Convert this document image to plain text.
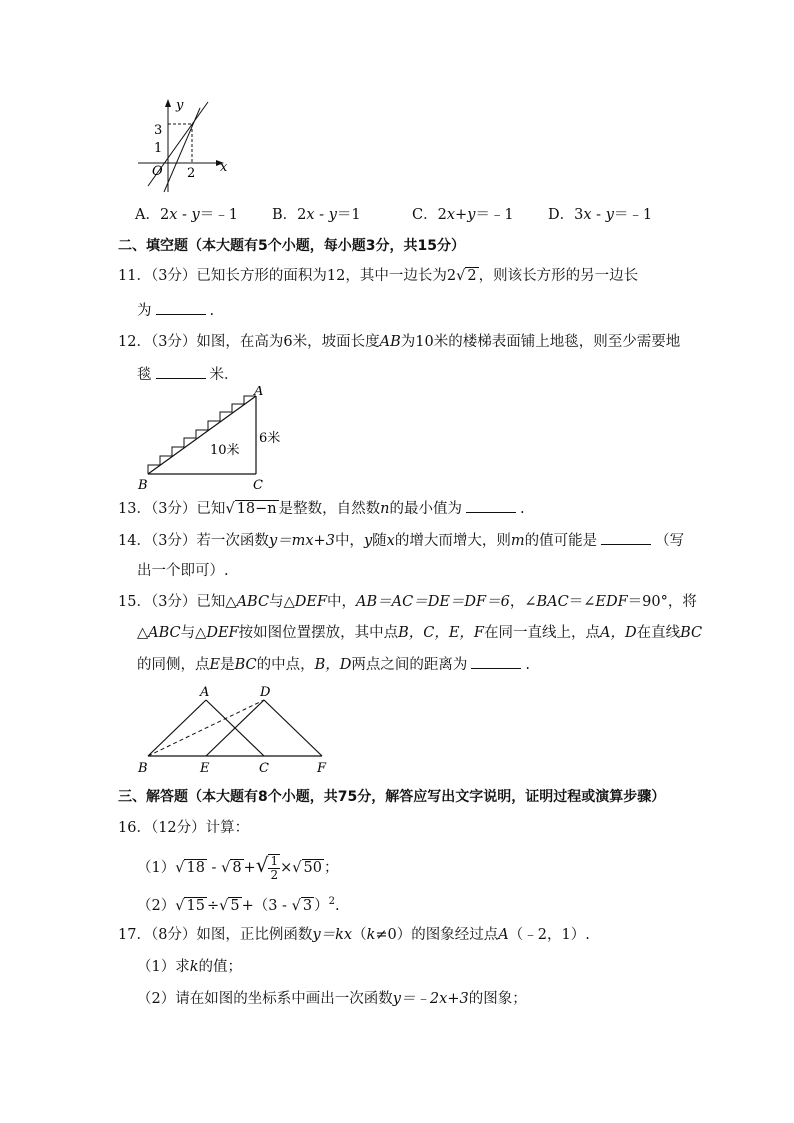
y
x
O
3
1
2
A．2x - y＝﹣1 B．2x - y＝1	C．2x+y＝﹣1 D．3x - y＝﹣1
二、填空题（本大题有5个小题，每小题3分，共15分）
11．（3分）已知长方形的面积为12，其中一边长为2√ 2 ，则该长方形的另一边长
为	.
12．（3分）如图，在高为6米，坡面长度AB为10米的楼梯表面铺上地毯，则至少需要地
毯	米．
A
B	C
10米
6米
13．（3分）已知√ 18−n 是整数，自然数n的最小值为	.
14．（3分）若一次函数y＝mx+3中，y随x的增大而增大，则m的值可能是	（写
出一个即可）.
15．（3分）已知△ABC与△DEF中，AB＝AC＝DE＝DF＝6，∠BAC＝∠EDF＝90°，将
△ABC与△DEF按如图位置摆放，其中点B，C，E，F在同一直线上，点A，D在直线BC
的同侧，点E是BC的中点，B，D两点之间的距离为	.
A	D
B	E	C	F
三、解答题（本大题有8个小题，共75分，解答应写出文字说明，证明过程或演算步骤）
16．（12分）计算：
（1）√ 18 - √ 8 +√ $\frac{1}{2}$ ×√ 50 ；
（2）√ 15 ÷√ 5 +（3 - √ 3 ）$^2$.
17．（8分）如图，正比例函数y＝kx（k≠0）的图象经过点A（﹣2，1）.
（1）求k的值；
（2）请在如图的坐标系中画出一次函数y＝﹣2x+3的图象；
